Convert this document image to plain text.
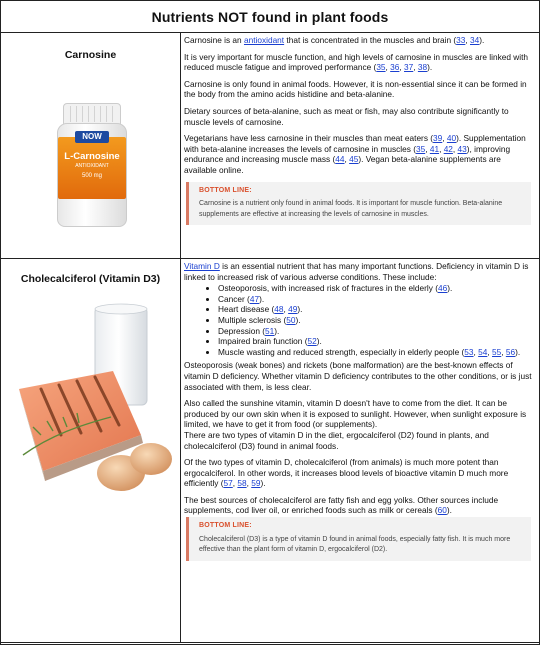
Nutrients NOT found in plant foods
Carnosine
NOW
L-Carnosine
ANTIOXIDANT
500 mg

Carnosine is an antioxidant that is concentrated in the muscles and brain (33, 34).

It is very important for muscle function, and high levels of carnosine in muscles are linked with reduced muscle fatigue and improved performance (35, 36, 37, 38).

Carnosine is only found in animal foods. However, it is non-essential since it can be formed in the body from the amino acids histidine and beta-alanine.

Dietary sources of beta-alanine, such as meat or fish, may also contribute significantly to muscle levels of carnosine.

Vegetarians have less carnosine in their muscles than meat eaters (39, 40). Supplementation with beta-alanine increases the levels of carnosine in muscles (35, 41, 42, 43), improving endurance and increasing muscle mass (44, 45). Vegan beta-alanine supplements are available online.

BOTTOM LINE:
Carnosine is a nutrient only found in animal foods. It is important for muscle function. Beta-alanine supplements are effective at increasing the levels of carnosine in muscles.
Cholecalciferol (Vitamin D3)

Vitamin D is an essential nutrient that has many important functions. Deficiency in vitamin D is linked to increased risk of various adverse conditions. These include:

• Osteoporosis, with increased risk of fractures in the elderly (46).
• Cancer (47).
• Heart disease (48, 49).
• Multiple sclerosis (50).
• Depression (51).
• Impaired brain function (52).
• Muscle wasting and reduced strength, especially in elderly people (53, 54, 55, 56).

Osteoporosis (weak bones) and rickets (bone malformation) are the best-known effects of vitamin D deficiency. Whether vitamin D deficiency contributes to the other conditions, or is just associated with them, is less clear.

Also called the sunshine vitamin, vitamin D doesn't have to come from the diet. It can be produced by our own skin when it is exposed to sunlight. However, when sunlight exposure is limited, we have to get it from food (or supplements).

There are two types of vitamin D in the diet, ergocalciferol (D2) found in plants, and cholecalciferol (D3) found in animal foods.

Of the two types of vitamin D, cholecalciferol (from animals) is much more potent than ergocalciferol. In other words, it increases blood levels of bioactive vitamin D much more efficiently (57, 58, 59).

The best sources of cholecalciferol are fatty fish and egg yolks. Other sources include supplements, cod liver oil, or enriched foods such as milk or cereals (60).

BOTTOM LINE:
Cholecalciferol (D3) is a type of vitamin D found in animal foods, especially fatty fish. It is much more effective than the plant form of vitamin D, ergocalciferol (D2).
